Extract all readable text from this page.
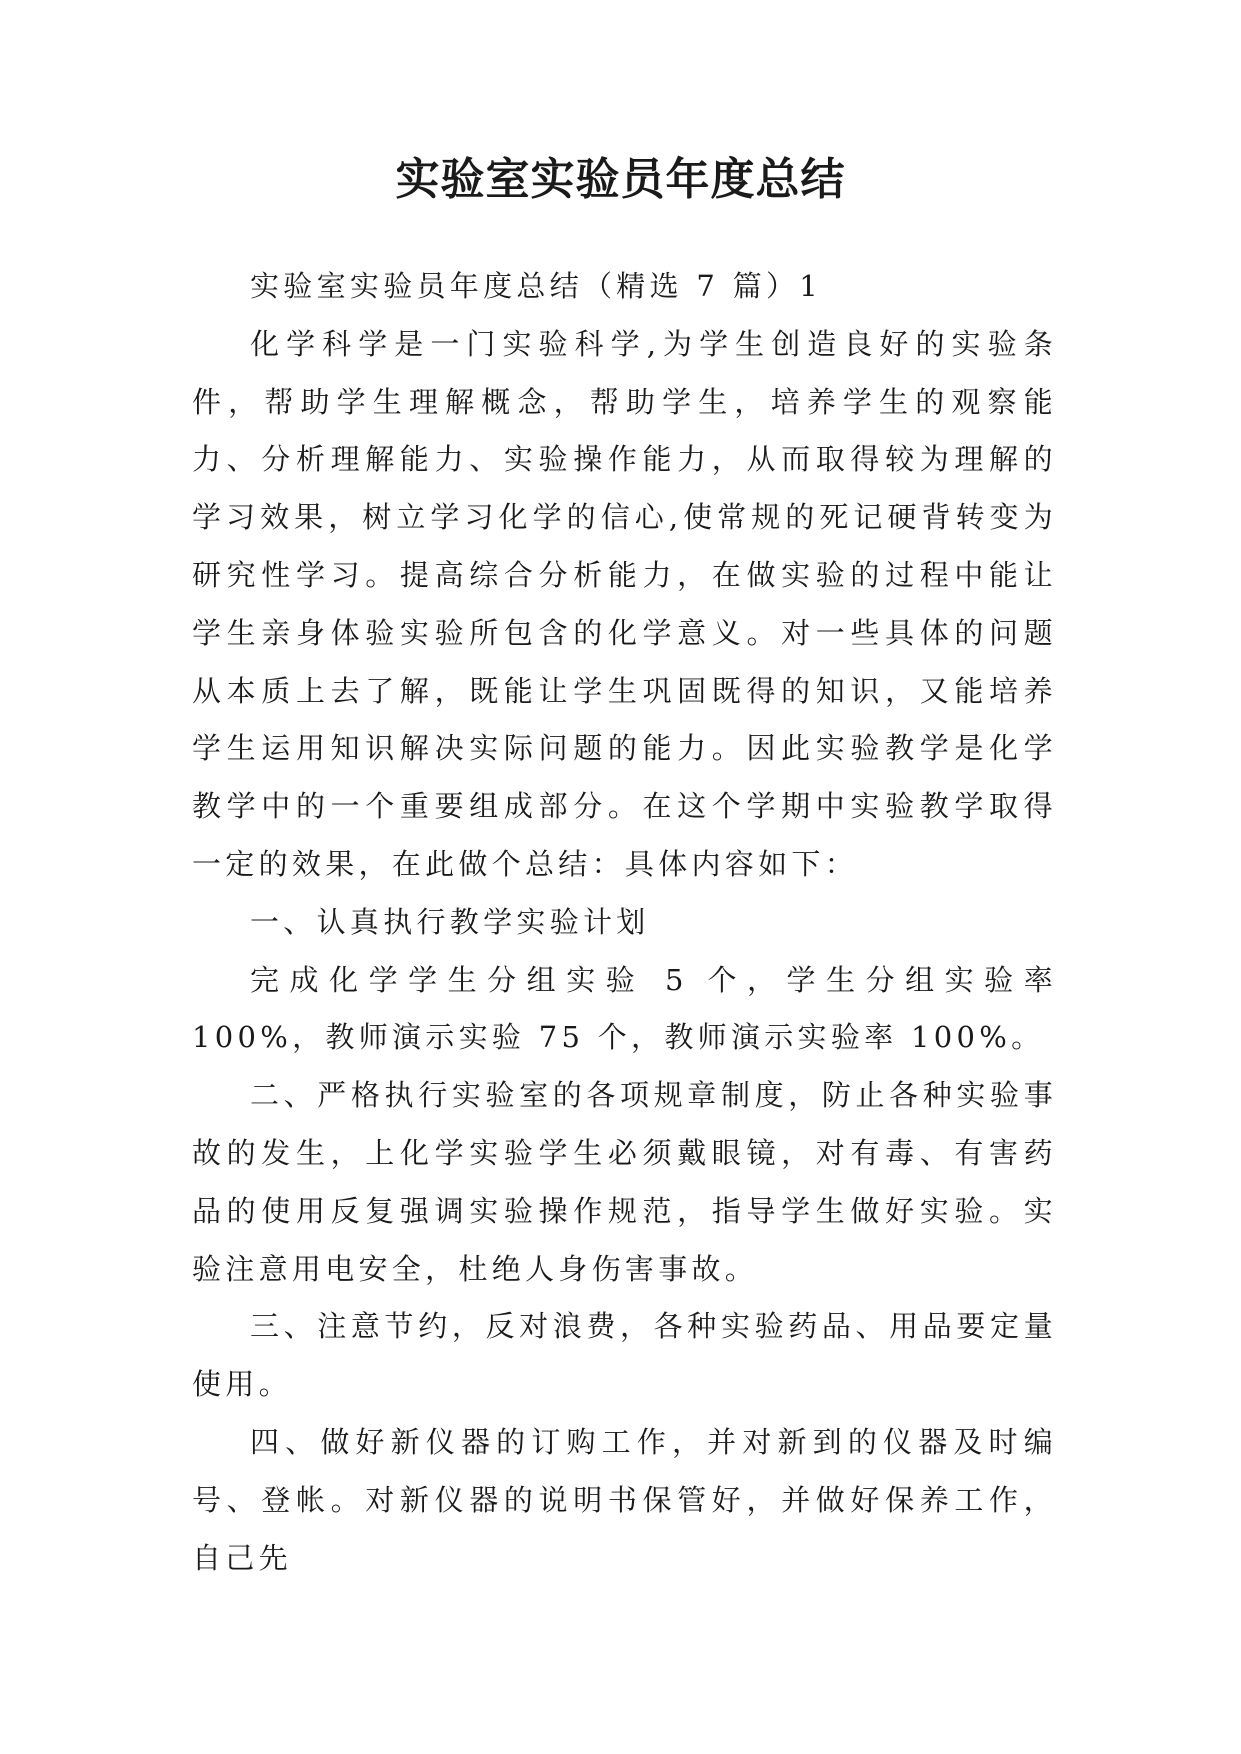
实验室实验员年度总结

实验室实验员年度总结（精选 7 篇）1

化学科学是一门实验科学,为学生创造良好的实验条件，帮助学生理解概念，帮助学生，培养学生的观察能力、分析理解能力、实验操作能力，从而取得较为理解的学习效果，树立学习化学的信心,使常规的死记硬背转变为研究性学习。提高综合分析能力，在做实验的过程中能让学生亲身体验实验所包含的化学意义。对一些具体的问题从本质上去了解，既能让学生巩固既得的知识，又能培养学生运用知识解决实际问题的能力。因此实验教学是化学教学中的一个重要组成部分。在这个学期中实验教学取得一定的效果，在此做个总结：具体内容如下：

一、认真执行教学实验计划

完成化学学生分组实验 5 个，学生分组实验率 100%，教师演示实验 75 个，教师演示实验率 100%。

二、严格执行实验室的各项规章制度，防止各种实验事故的发生，上化学实验学生必须戴眼镜，对有毒、有害药品的使用反复强调实验操作规范，指导学生做好实验。实验注意用电安全，杜绝人身伤害事故。

三、注意节约，反对浪费，各种实验药品、用品要定量使用。

四、做好新仪器的订购工作，并对新到的仪器及时编号、登帐。对新仪器的说明书保管好，并做好保养工作，自己先
